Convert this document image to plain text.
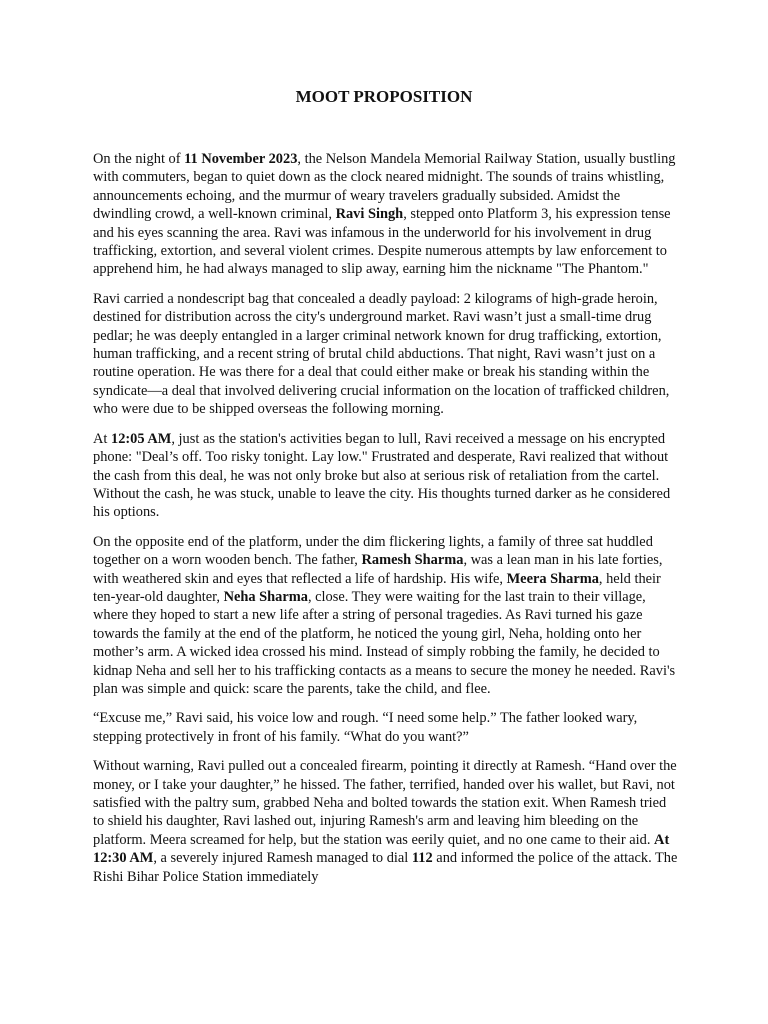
MOOT PROPOSITION

On the night of 11 November 2023, the Nelson Mandela Memorial Railway Station, usually bustling with commuters, began to quiet down as the clock neared midnight. The sounds of trains whistling, announcements echoing, and the murmur of weary travelers gradually subsided. Amidst the dwindling crowd, a well-known criminal, Ravi Singh, stepped onto Platform 3, his expression tense and his eyes scanning the area. Ravi was infamous in the underworld for his involvement in drug trafficking, extortion, and several violent crimes. Despite numerous attempts by law enforcement to apprehend him, he had always managed to slip away, earning him the nickname "The Phantom."

Ravi carried a nondescript bag that concealed a deadly payload: 2 kilograms of high-grade heroin, destined for distribution across the city's underground market. Ravi wasn’t just a small-time drug pedlar; he was deeply entangled in a larger criminal network known for drug trafficking, extortion, human trafficking, and a recent string of brutal child abductions. That night, Ravi wasn’t just on a routine operation. He was there for a deal that could either make or break his standing within the syndicate—a deal that involved delivering crucial information on the location of trafficked children, who were due to be shipped overseas the following morning.

At 12:05 AM, just as the station's activities began to lull, Ravi received a message on his encrypted phone: "Deal’s off. Too risky tonight. Lay low." Frustrated and desperate, Ravi realized that without the cash from this deal, he was not only broke but also at serious risk of retaliation from the cartel. Without the cash, he was stuck, unable to leave the city. His thoughts turned darker as he considered his options.

On the opposite end of the platform, under the dim flickering lights, a family of three sat huddled together on a worn wooden bench. The father, Ramesh Sharma, was a lean man in his late forties, with weathered skin and eyes that reflected a life of hardship. His wife, Meera Sharma, held their ten-year-old daughter, Neha Sharma, close. They were waiting for the last train to their village, where they hoped to start a new life after a string of personal tragedies. As Ravi turned his gaze towards the family at the end of the platform, he noticed the young girl, Neha, holding onto her mother’s arm. A wicked idea crossed his mind. Instead of simply robbing the family, he decided to kidnap Neha and sell her to his trafficking contacts as a means to secure the money he needed. Ravi's plan was simple and quick: scare the parents, take the child, and flee.

“Excuse me,” Ravi said, his voice low and rough. “I need some help.” The father looked wary, stepping protectively in front of his family. “What do you want?”

Without warning, Ravi pulled out a concealed firearm, pointing it directly at Ramesh. “Hand over the money, or I take your daughter,” he hissed. The father, terrified, handed over his wallet, but Ravi, not satisfied with the paltry sum, grabbed Neha and bolted towards the station exit. When Ramesh tried to shield his daughter, Ravi lashed out, injuring Ramesh's arm and leaving him bleeding on the platform. Meera screamed for help, but the station was eerily quiet, and no one came to their aid. At 12:30 AM, a severely injured Ramesh managed to dial 112 and informed the police of the attack. The Rishi Bihar Police Station immediately
